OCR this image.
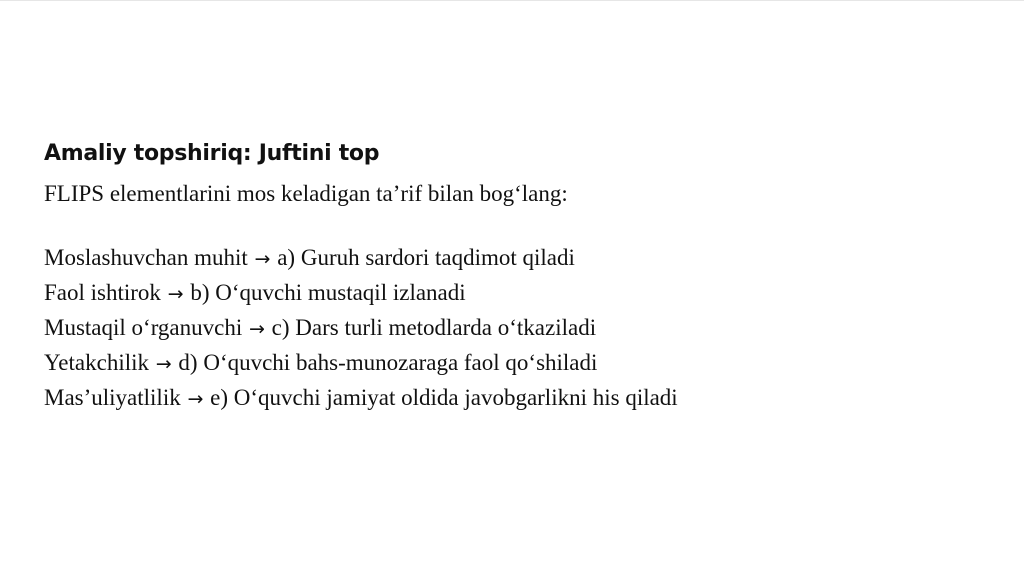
Amaliy topshiriq: Juftini top

FLIPS elementlarini mos keladigan ta’rif bilan bog‘lang:

Moslashuvchan muhit → a) Guruh sardori taqdimot qiladi
Faol ishtirok → b) O‘quvchi mustaqil izlanadi
Mustaqil o‘rganuvchi → c) Dars turli metodlarda o‘tkaziladi
Yetakchilik → d) O‘quvchi bahs-munozaraga faol qo‘shiladi
Mas’uliyatlilik → e) O‘quvchi jamiyat oldida javobgarlikni his qiladi
